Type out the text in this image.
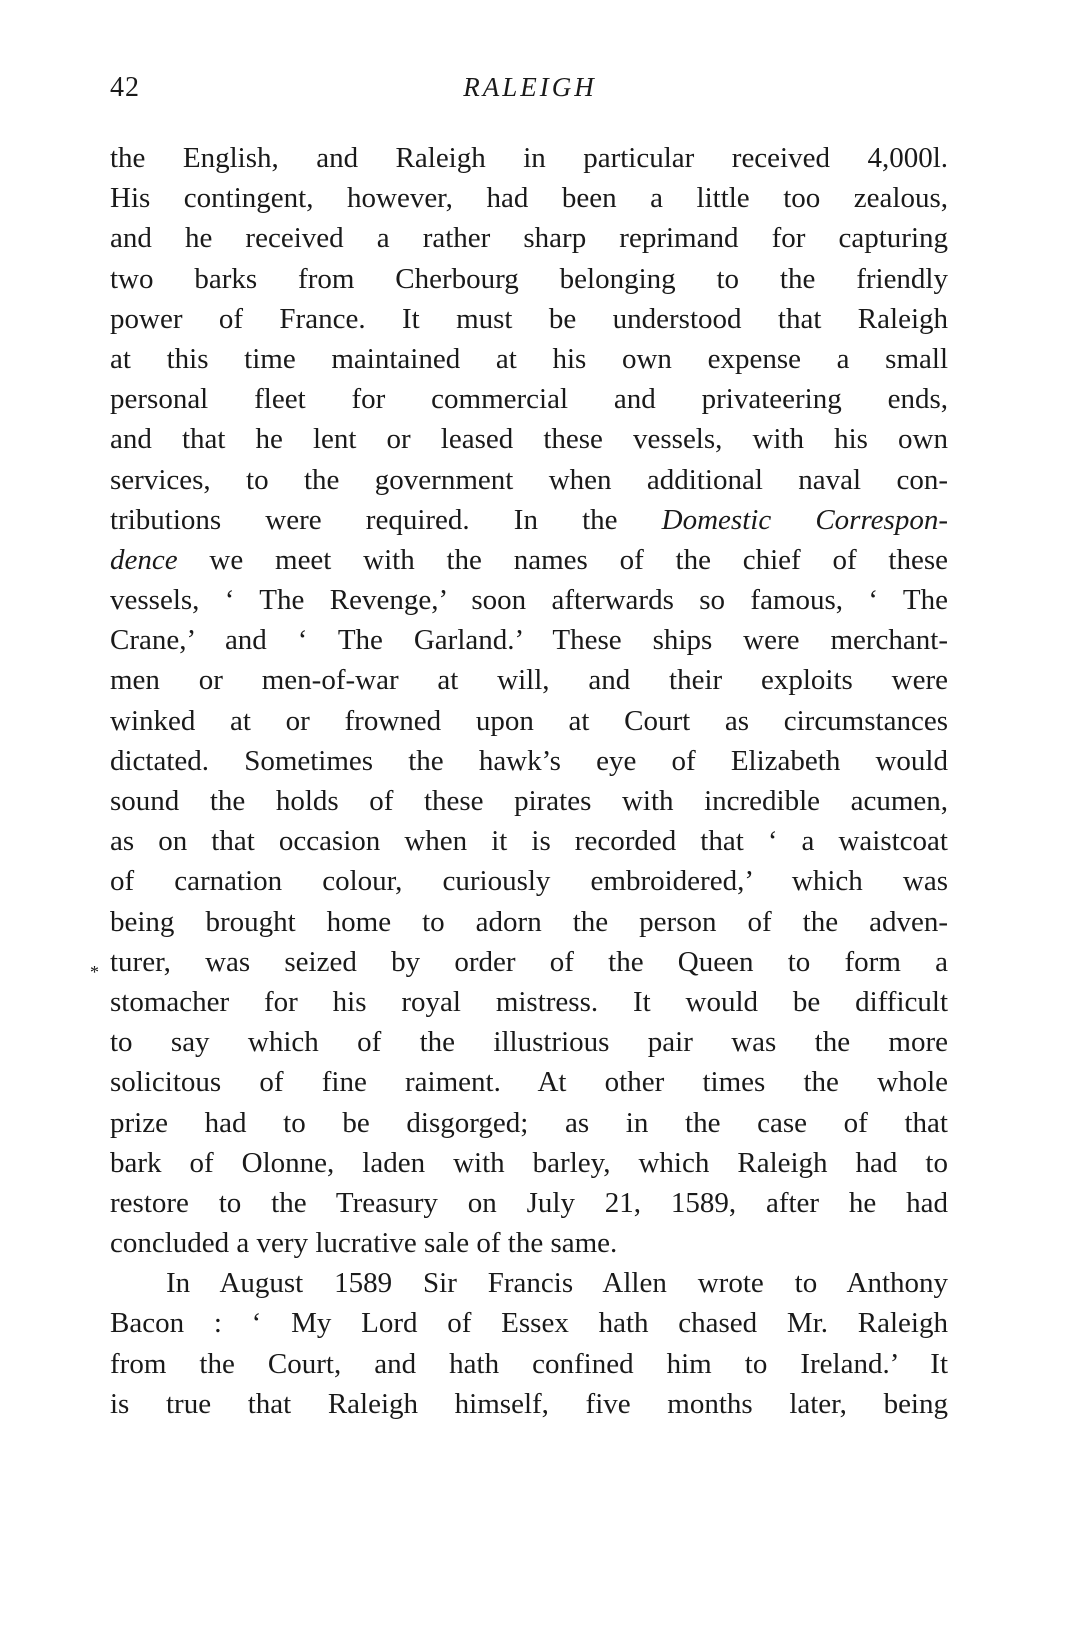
42	RALEIGH
*
the English, and Raleigh in particular received 4,000l.
His contingent, however, had been a little too zealous,
and he received a rather sharp reprimand for capturing
two barks from Cherbourg belonging to the friendly
power of France. It must be understood that Raleigh
at this time maintained at his own expense a small
personal fleet for commercial and privateering ends,
and that he lent or leased these vessels, with his own
services, to the government when additional naval con-
tributions were required. In the Domestic Correspon-
dence we meet with the names of the chief of these
vessels, ‘ The Revenge,’ soon afterwards so famous, ‘ The
Crane,’ and ‘ The Garland.’ These ships were merchant-
men or men-of-war at will, and their exploits were
winked at or frowned upon at Court as circumstances
dictated. Sometimes the hawk’s eye of Elizabeth would
sound the holds of these pirates with incredible acumen,
as on that occasion when it is recorded that ‘ a waistcoat
of carnation colour, curiously embroidered,’ which was
being brought home to adorn the person of the adven-
turer, was seized by order of the Queen to form a
stomacher for his royal mistress. It would be difficult
to say which of the illustrious pair was the more
solicitous of fine raiment. At other times the whole
prize had to be disgorged; as in the case of that
bark of Olonne, laden with barley, which Raleigh had to
restore to the Treasury on July 21, 1589, after he had
concluded a very lucrative sale of the same.
In August 1589 Sir Francis Allen wrote to Anthony
Bacon : ‘ My Lord of Essex hath chased Mr. Raleigh
from the Court, and hath confined him to Ireland.’ It
is true that Raleigh himself, five months later, being
